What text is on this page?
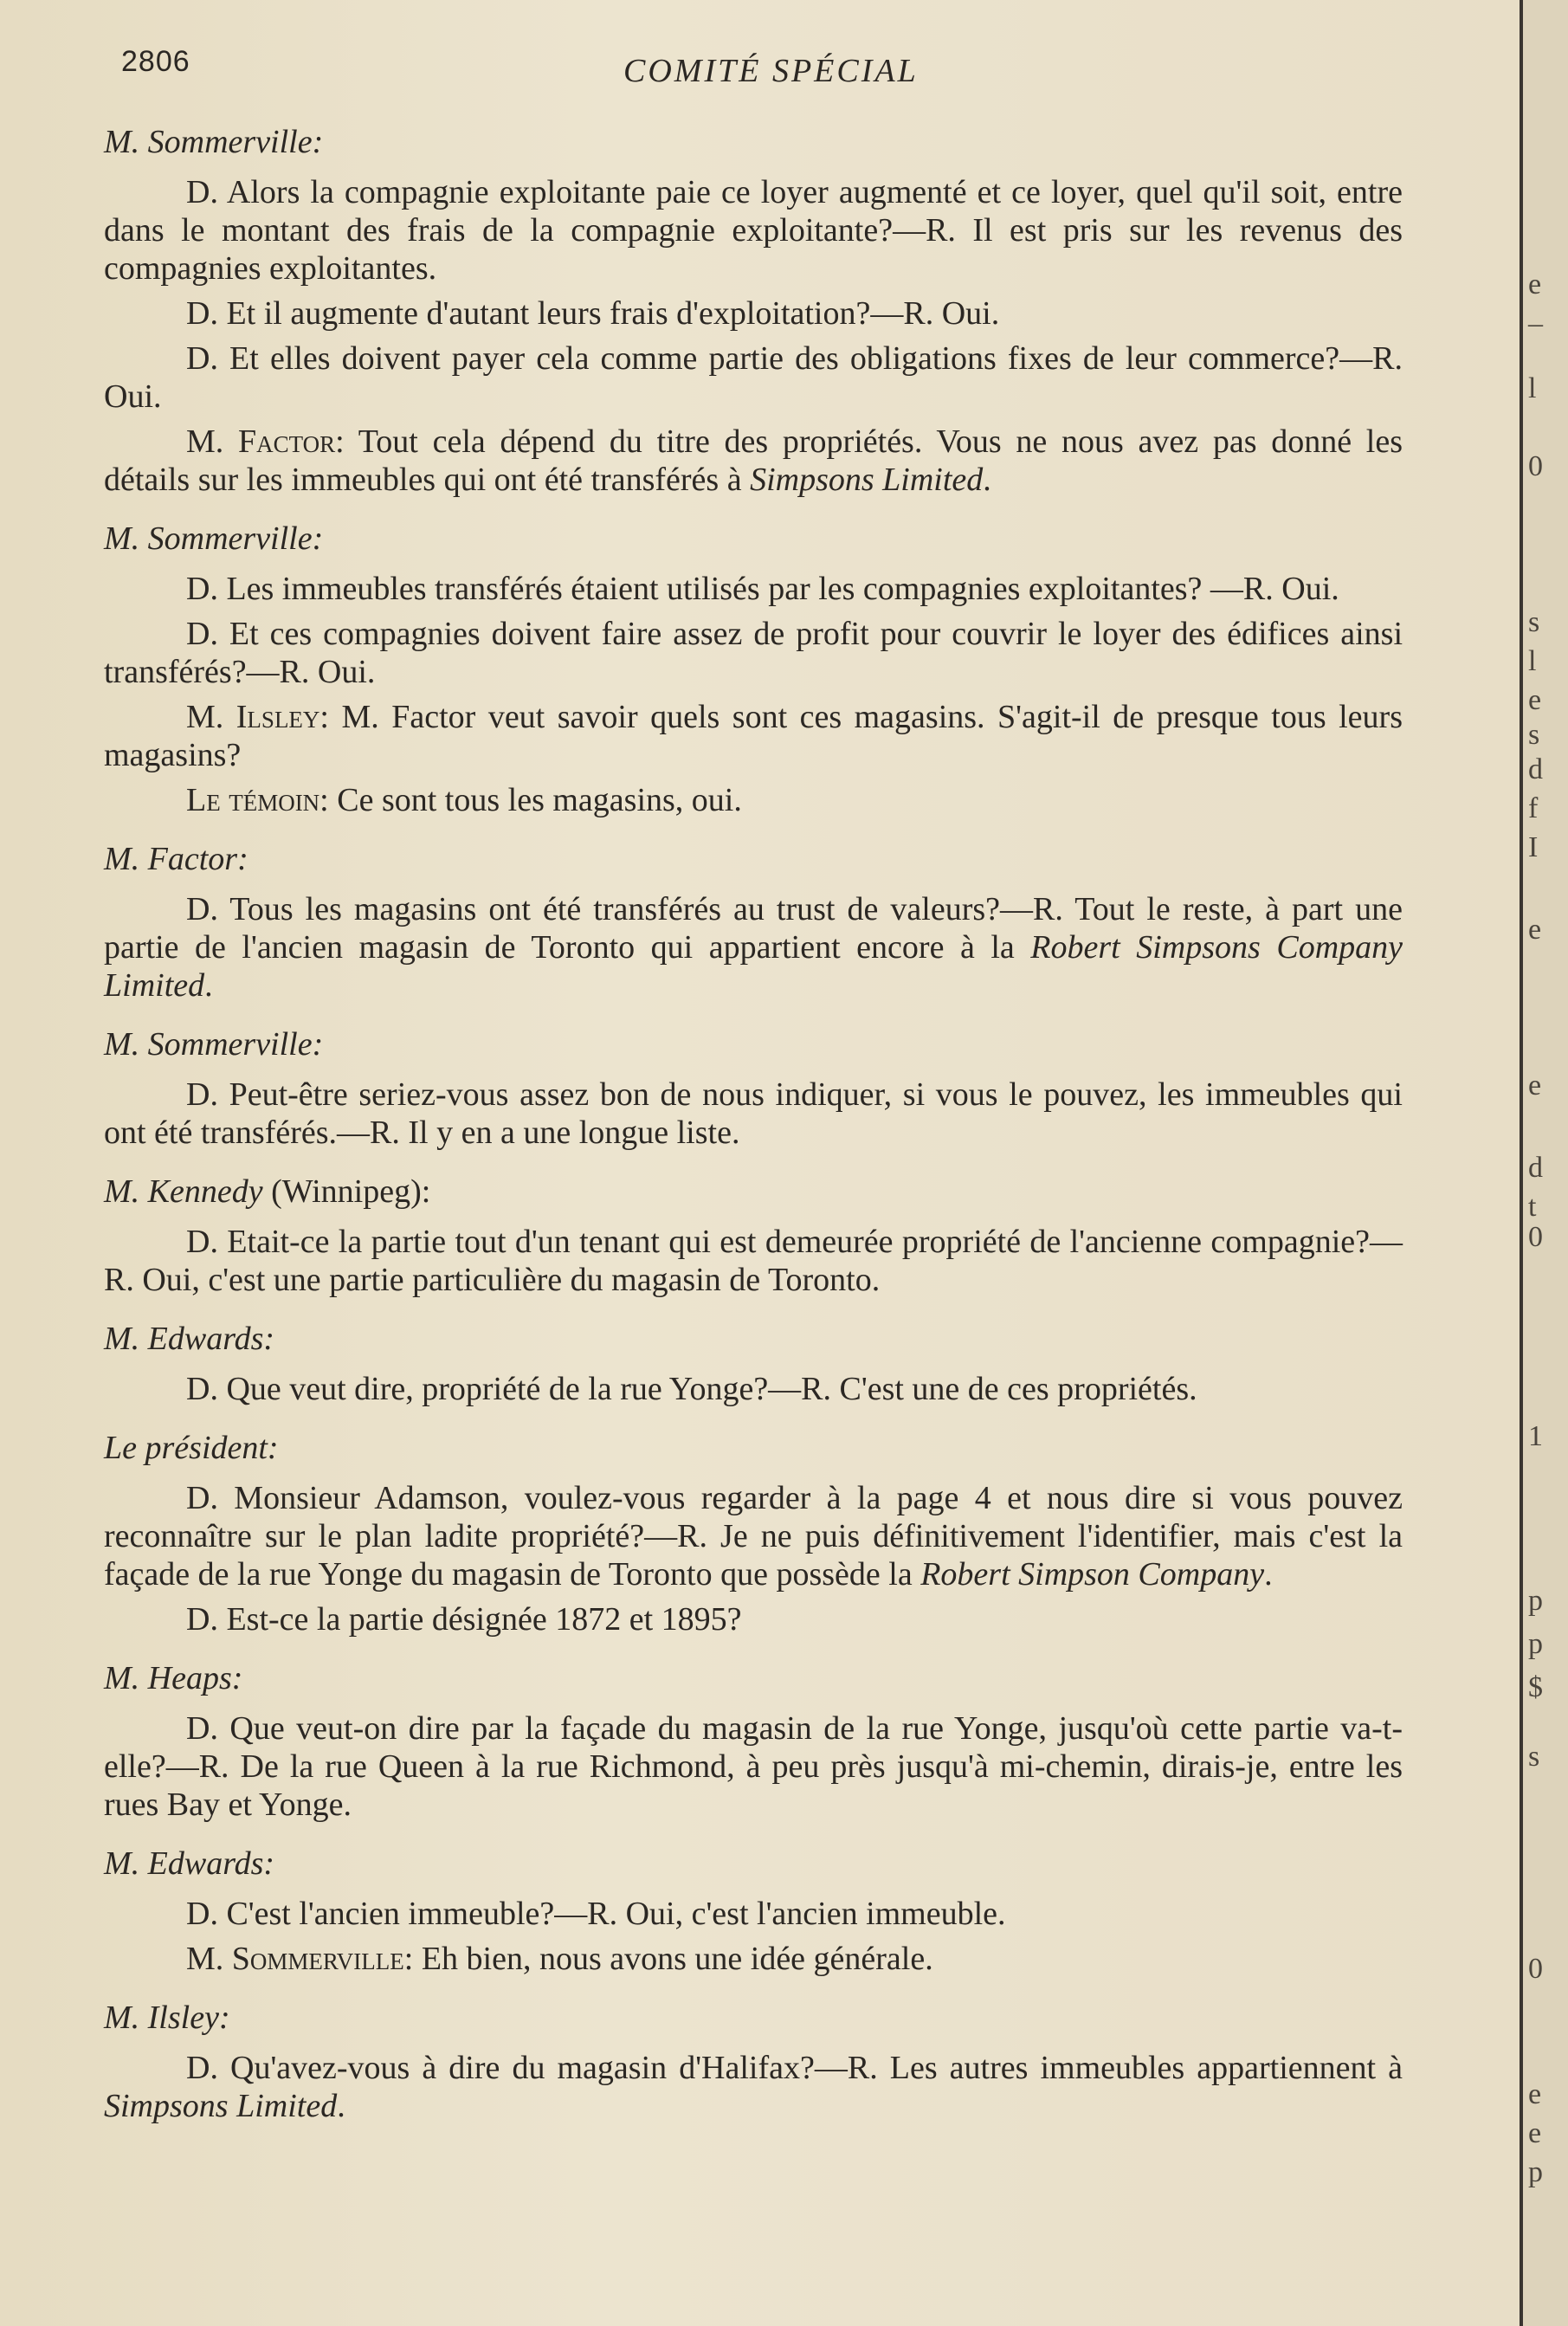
2806	COMITÉ SPÉCIAL
M. Sommerville:

D. Alors la compagnie exploitante paie ce loyer augmenté et ce loyer, quel qu'il soit, entre dans le montant des frais de la compagnie exploitante?—R. Il est pris sur les revenus des compagnies exploitantes.

D. Et il augmente d'autant leurs frais d'exploitation?—R. Oui.

D. Et elles doivent payer cela comme partie des obligations fixes de leur commerce?—R. Oui.

M. Factor: Tout cela dépend du titre des propriétés. Vous ne nous avez pas donné les détails sur les immeubles qui ont été transférés à Simpsons Limited.

M. Sommerville:

D. Les immeubles transférés étaient utilisés par les compagnies exploitantes? —R. Oui.

D. Et ces compagnies doivent faire assez de profit pour couvrir le loyer des édifices ainsi transférés?—R. Oui.

M. Ilsley: M. Factor veut savoir quels sont ces magasins. S'agit-il de presque tous leurs magasins?

Le témoin: Ce sont tous les magasins, oui.

M. Factor:

D. Tous les magasins ont été transférés au trust de valeurs?—R. Tout le reste, à part une partie de l'ancien magasin de Toronto qui appartient encore à la Robert Simpsons Company Limited.

M. Sommerville:

D. Peut-être seriez-vous assez bon de nous indiquer, si vous le pouvez, les immeubles qui ont été transférés.—R. Il y en a une longue liste.

M. Kennedy (Winnipeg):

D. Etait-ce la partie tout d'un tenant qui est demeurée propriété de l'ancienne compagnie?—R. Oui, c'est une partie particulière du magasin de Toronto.

M. Edwards:

D. Que veut dire, propriété de la rue Yonge?—R. C'est une de ces propriétés.

Le président:

D. Monsieur Adamson, voulez-vous regarder à la page 4 et nous dire si vous pouvez reconnaître sur le plan ladite propriété?—R. Je ne puis définitivement l'identifier, mais c'est la façade de la rue Yonge du magasin de Toronto que possède la Robert Simpson Company.

D. Est-ce la partie désignée 1872 et 1895?

M. Heaps:

D. Que veut-on dire par la façade du magasin de la rue Yonge, jusqu'où cette partie va-t-elle?—R. De la rue Queen à la rue Richmond, à peu près jusqu'à mi-chemin, dirais-je, entre les rues Bay et Yonge.

M. Edwards:

D. C'est l'ancien immeuble?—R. Oui, c'est l'ancien immeuble.

M. Sommerville: Eh bien, nous avons une idée générale.

M. Ilsley:

D. Qu'avez-vous à dire du magasin d'Halifax?—R. Les autres immeubles appartiennent à Simpsons Limited.

e
–
l
0
s
l
e
s
d
f
I
e
e
d
t
0
1
p
p
$
s
0
e
e
p
